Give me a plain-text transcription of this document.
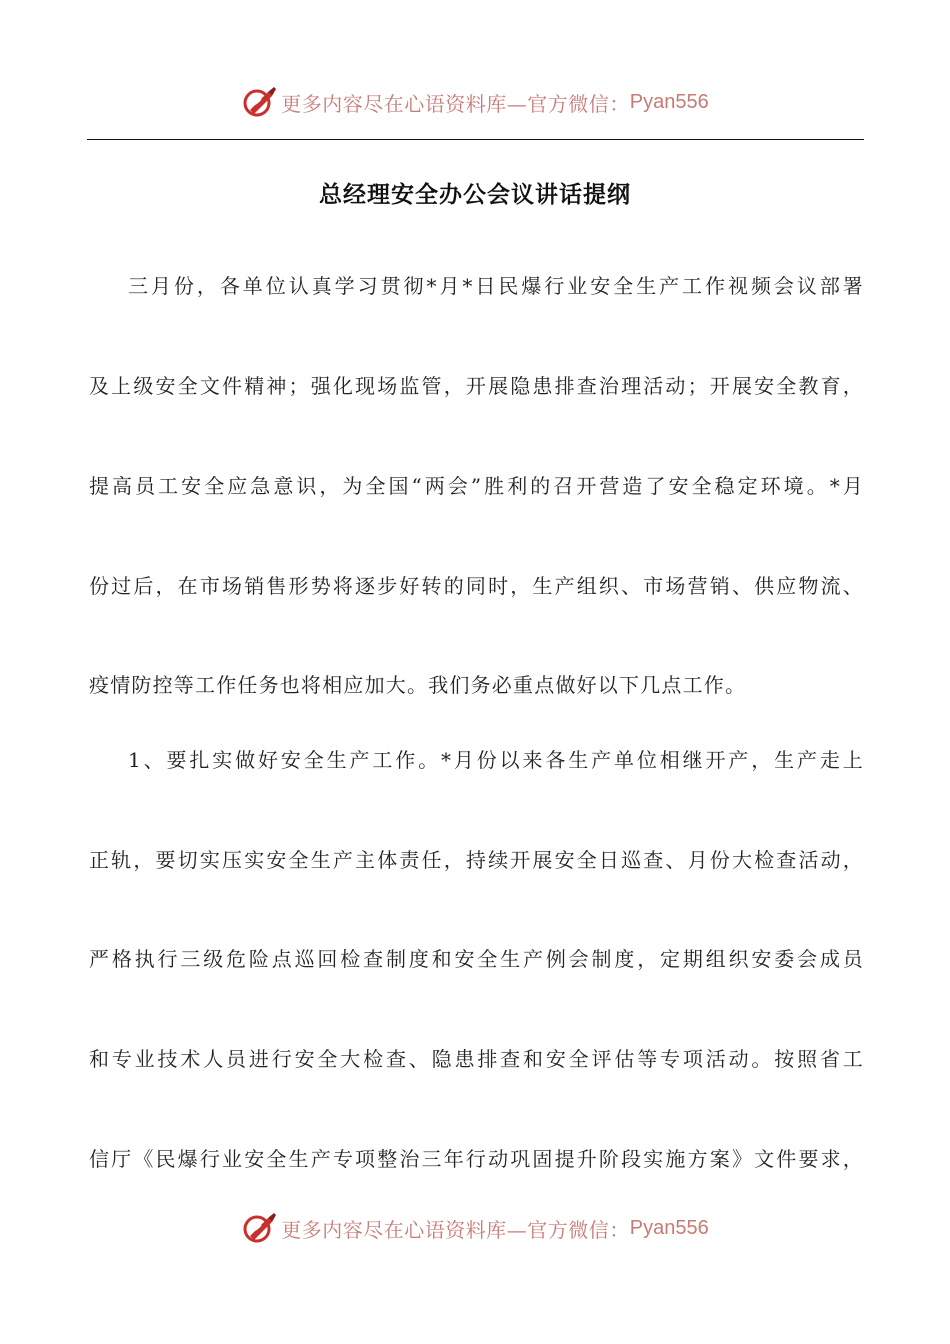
更多内容尽在心语资料库—官方微信： Pyan556
总经理安全办公会议讲话提纲
三月份，各单位认真学习贯彻*月*日民爆行业安全生产工作视频会议部署
及上级安全文件精神；强化现场监管，开展隐患排查治理活动；开展安全教育，
提高员工安全应急意识，为全国“两会”胜利的召开营造了安全稳定环境。*月
份过后，在市场销售形势将逐步好转的同时，生产组织、市场营销、供应物流、
疫情防控等工作任务也将相应加大。我们务必重点做好以下几点工作。
1、要扎实做好安全生产工作。*月份以来各生产单位相继开产，生产走上
正轨，要切实压实安全生产主体责任，持续开展安全日巡查、月份大检查活动，
严格执行三级危险点巡回检查制度和安全生产例会制度，定期组织安委会成员
和专业技术人员进行安全大检查、隐患排查和安全评估等专项活动。按照省工
信厅《民爆行业安全生产专项整治三年行动巩固提升阶段实施方案》文件要求，
更多内容尽在心语资料库—官方微信： Pyan556
